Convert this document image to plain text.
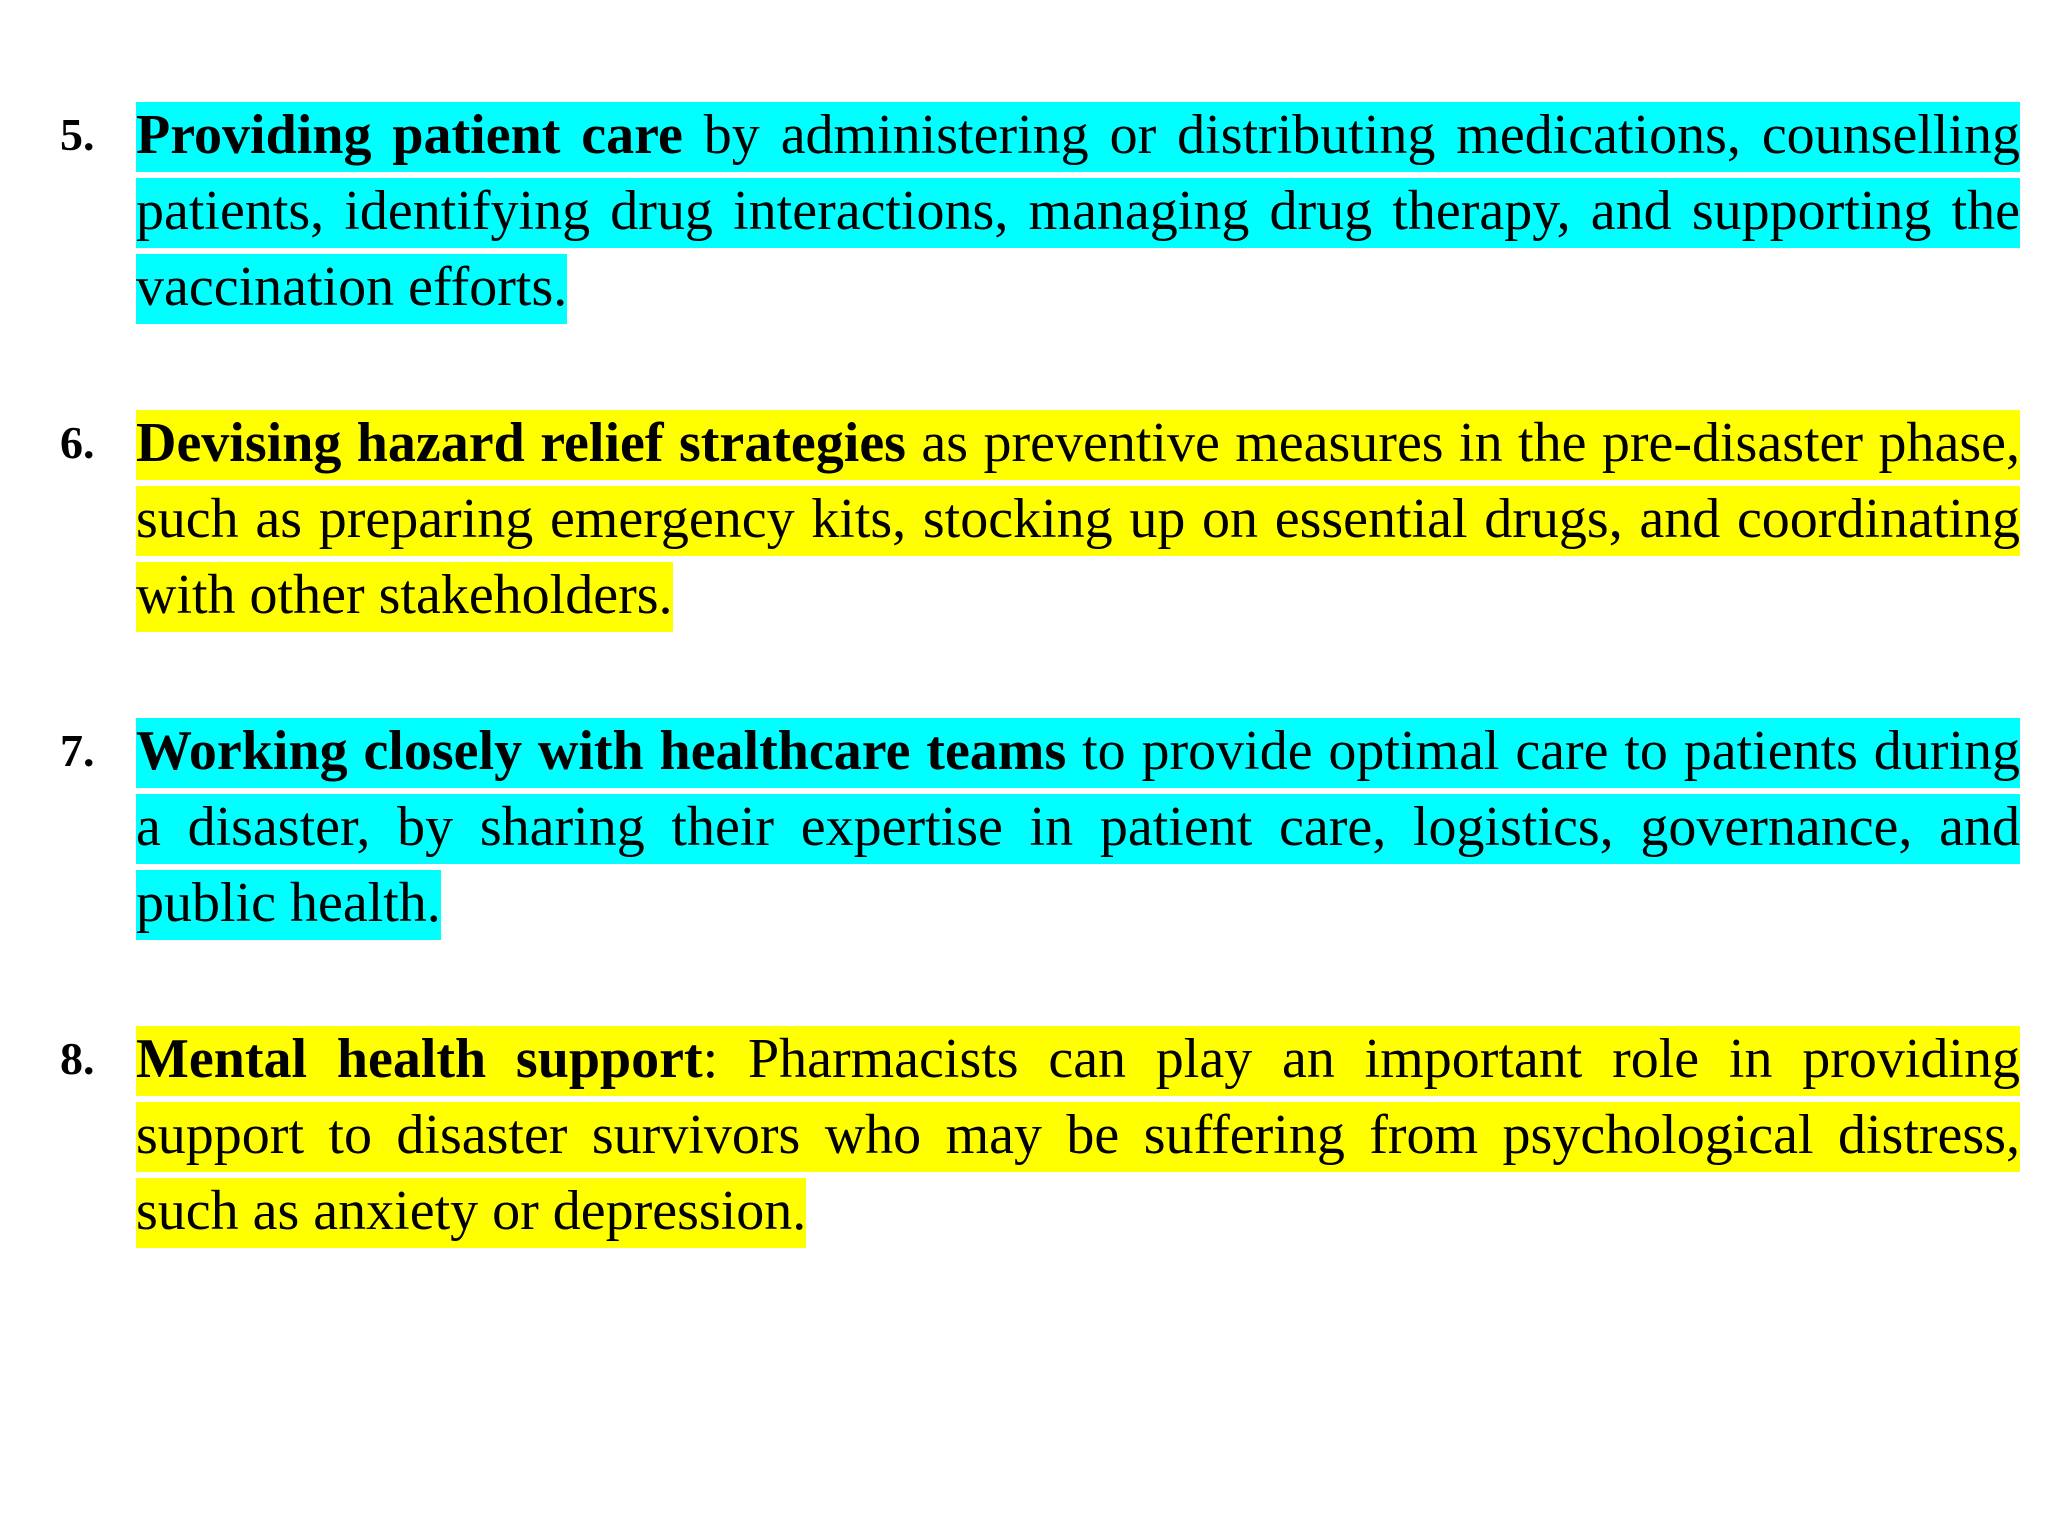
5. Providing patient care by administering or distributing medications, counselling patients, identifying drug interactions, managing drug therapy, and supporting the vaccination efforts.
6. Devising hazard relief strategies as preventive measures in the pre-disaster phase, such as preparing emergency kits, stocking up on essential drugs, and coordinating with other stakeholders.
7. Working closely with healthcare teams to provide optimal care to patients during a disaster, by sharing their expertise in patient care, logistics, governance, and public health.
8. Mental health support: Pharmacists can play an important role in providing support to disaster survivors who may be suffering from psychological distress, such as anxiety or depression.
